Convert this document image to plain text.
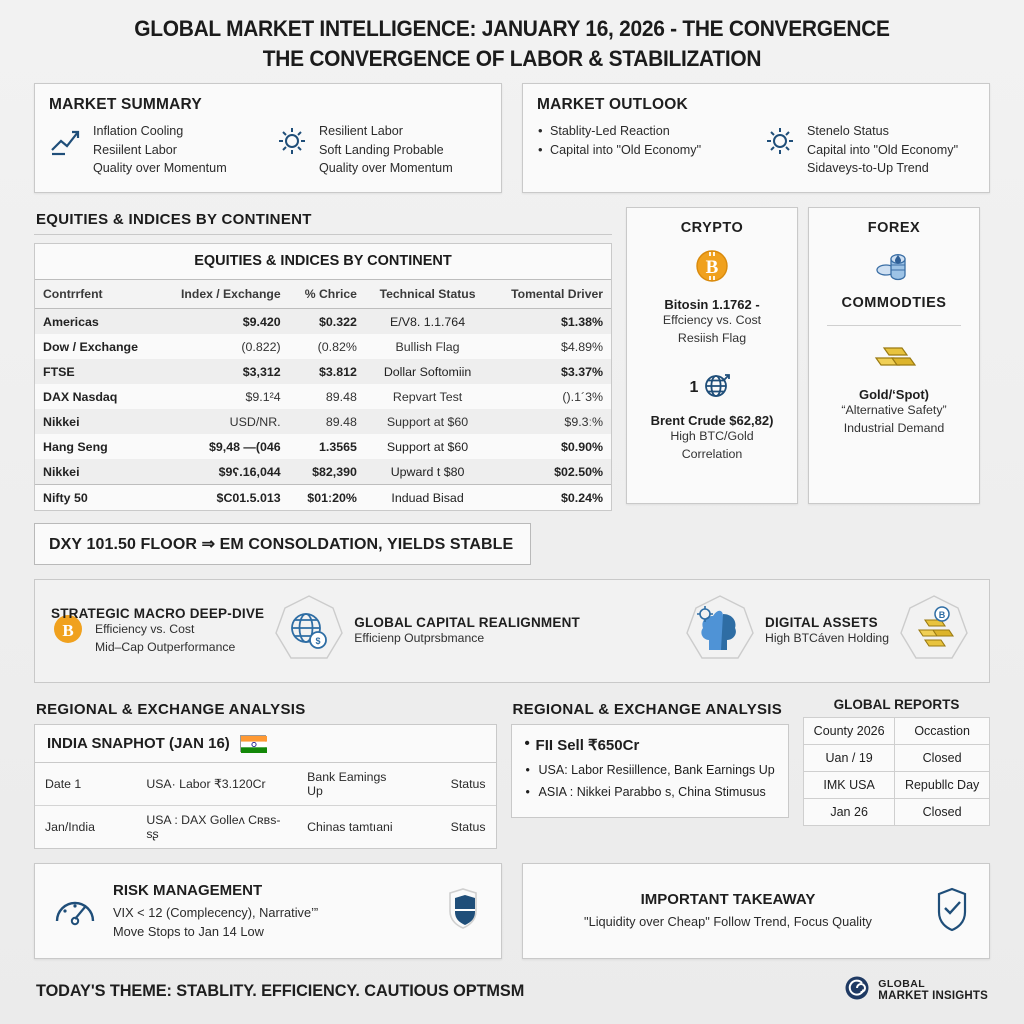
GLOBAL MARKET INTELLIGENCE: JANUARY 16, 2026 - THE CONVERGENCE
THE CONVERGENCE OF LABOR & STABILIZATION
MARKET SUMMARY
Inflation Cooling
Resiilent Labor
Quality over Momentum
Resilient Labor
Soft Landing Probable
Quality over Momentum
MARKET OUTLOOK
• Stablity-Led Reaction
• Capital into "Old Economy"
Stenelo Status
Capital into "Old Economy"
Sidaveys-to-Up Trend
EQUITIES & INDICES BY CONTINENT
EQUITIES & INDICES BY CONTINENT
Contrrfent	Index / Exchange	% Chrice	Technical Status	Tomental Driver
Americas	$9.420	$0.322	E/V8. 1.1.764	$1.38%
Dow / Exchange	(0.822)	(0.82%	Bullish Flag	$4.89%
FTSE	$3,312	$3.812	Dollar Softomiin	$3.37%
DAX Nasdaq	$9.1²4	89.48	Repvart Test	().1´3%
Nikkei	USD/NR.	89.48	Support at $60	$9.3ː%
Hang Seng	$9,48 —(046	1.3565	Support at $60	$0.90%
Nikkei	$9ʕ.16,044	$82,390	Upward t $80	$02.50%
Nifty 50	$C01.5.013	$01ː20%	Induad Bisad	$0.24%
DXY 101.50 FLOOR ⇒ EM CONSOLDATION, YIELDS STABLE
CRYPTO
B
Bitosin 1.1762 -
Effciency vs. Cost
Resiish Flag
1
Brent Crude $62,82)
High BTC/Gold
Correlation
FOREX
COMMODTIES
Gold/‘Spot)
“Alternative Safety”
Industrial Demand
B
STRATEGIC MACRO DEEP-DIVE
Efficiency vs. Cost
Mid–Cap Outperformance	$
GLOBAL CAPITAL REALIGNMENT
Efficienp Outprsbmance
DIGITAL ASSETS
High BTCáven Holding
B
REGIONAL & EXCHANGE ANALYSIS
INDIA SNAPHOT (JAN 16)
Date 1	USA· Labor ₹3.120Cr	Bank Eamings Up	Status
Jan/India	USA : DAX Golleᴧ Cʀʙs-sʂ	Chinas tamtıani	Status
REGIONAL & EXCHANGE ANALYSIS
• FII Sell ₹650Cr
• USA: Labor Resiillence, Bank Earnings Up
• ASIA : Nikkei Parabbo s, China Stimusus
GLOBAL REPORTS
County 2026	Occastion
Uan / 19	Closed
IMK USA	Republlc Day
Jan 26	Closed
RISK MANAGEMENT
VIX < 12 (Complecency), Narrative’”
Move Stops to Jan 14 Low
IMPORTANT TAKEAWAY
"Liquidity over Cheap" Follow Trend, Focus Quality
TODAY'S THEME: STABLITY. EFFICIENCY. CAUTIOUS OPTMSM	GLOBAL
MARKET INSIGHTS
